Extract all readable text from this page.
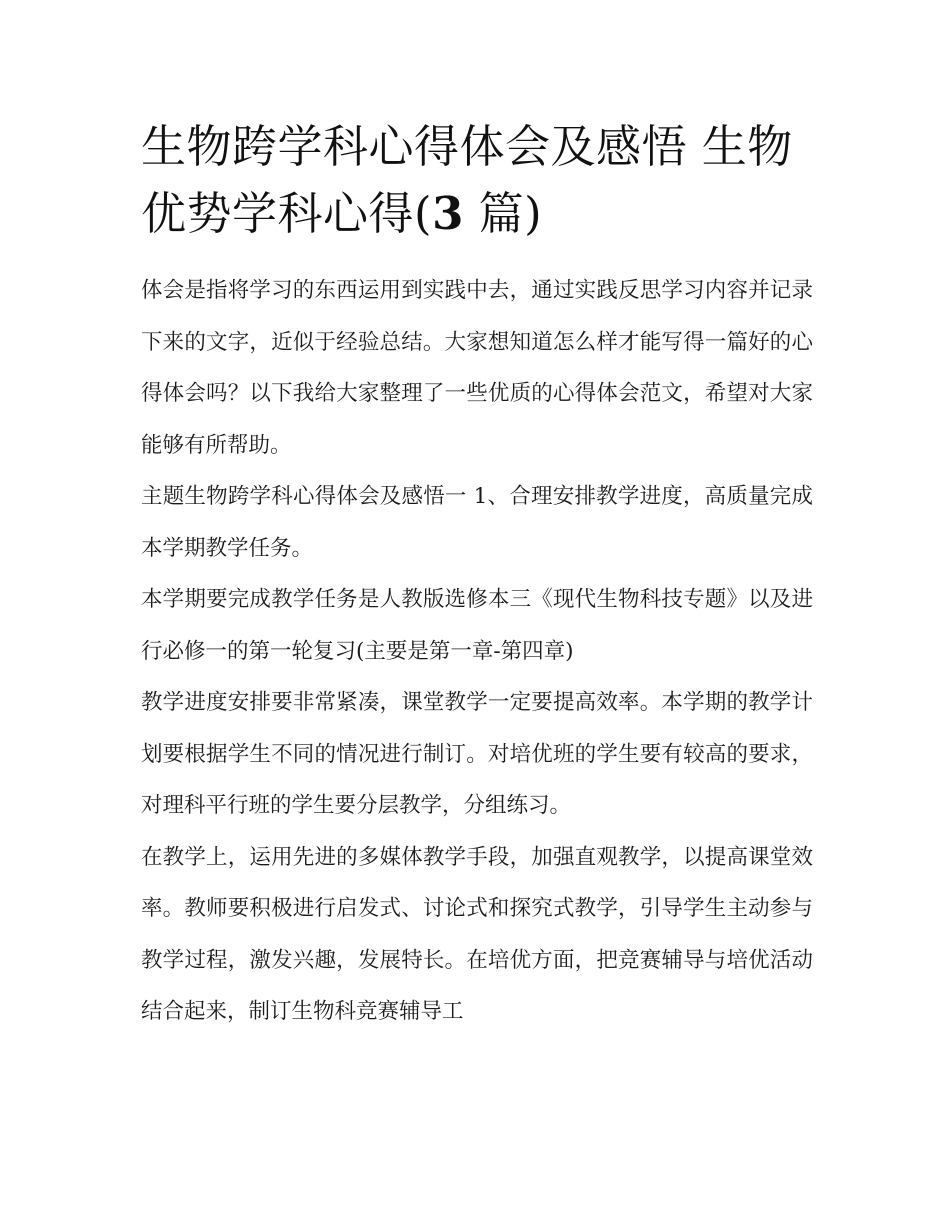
生物跨学科心得体会及感悟 生物优势学科心得(3 篇)

体会是指将学习的东西运用到实践中去，通过实践反思学习内容并记录下来的文字，近似于经验总结。大家想知道怎么样才能写得一篇好的心得体会吗？以下我给大家整理了一些优质的心得体会范文，希望对大家能够有所帮助。

主题生物跨学科心得体会及感悟一 1、合理安排教学进度，高质量完成本学期教学任务。

本学期要完成教学任务是人教版选修本三《现代生物科技专题》以及进行必修一的第一轮复习(主要是第一章-第四章)

教学进度安排要非常紧凑，课堂教学一定要提高效率。本学期的教学计划要根据学生不同的情况进行制订。对培优班的学生要有较高的要求，对理科平行班的学生要分层教学，分组练习。

在教学上，运用先进的多媒体教学手段，加强直观教学，以提高课堂效率。教师要积极进行启发式、讨论式和探究式教学，引导学生主动参与教学过程，激发兴趣，发展特长。在培优方面，把竞赛辅导与培优活动结合起来，制订生物科竞赛辅导工
